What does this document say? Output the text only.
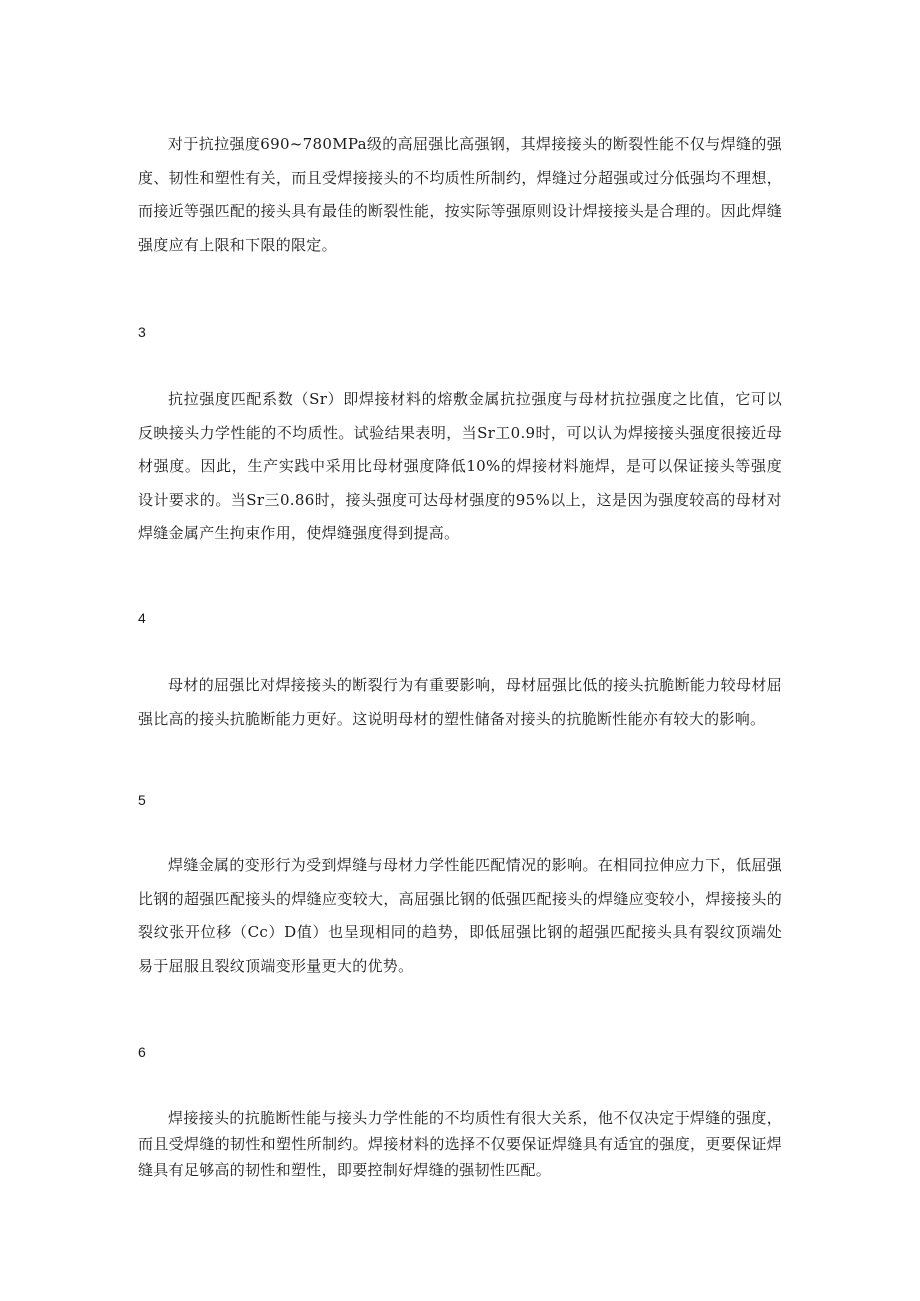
对于抗拉强度690~780MPa级的高屈强比高强钢，其焊接接头的断裂性能不仅与焊缝的强度、韧性和塑性有关，而且受焊接接头的不均质性所制约，焊缝过分超强或过分低强均不理想，而接近等强匹配的接头具有最佳的断裂性能，按实际等强原则设计焊接接头是合理的。因此焊缝强度应有上限和下限的限定。

3

抗拉强度匹配系数（Sr）即焊接材料的熔敷金属抗拉强度与母材抗拉强度之比值，它可以反映接头力学性能的不均质性。试验结果表明，当Sr工0.9时，可以认为焊接接头强度很接近母材强度。因此，生产实践中采用比母材强度降低10%的焊接材料施焊，是可以保证接头等强度设计要求的。当Sr三0.86时，接头强度可达母材强度的95%以上，这是因为强度较高的母材对焊缝金属产生拘束作用，使焊缝强度得到提高。

4

母材的屈强比对焊接接头的断裂行为有重要影响，母材屈强比低的接头抗脆断能力较母材屈强比高的接头抗脆断能力更好。这说明母材的塑性储备对接头的抗脆断性能亦有较大的影响。

5

焊缝金属的变形行为受到焊缝与母材力学性能匹配情况的影响。在相同拉伸应力下，低屈强比钢的超强匹配接头的焊缝应变较大，高屈强比钢的低强匹配接头的焊缝应变较小，焊接接头的裂纹张开位移（Cc）D值）也呈现相同的趋势，即低屈强比钢的超强匹配接头具有裂纹顶端处易于屈服且裂纹顶端变形量更大的优势。

6

焊接接头的抗脆断性能与接头力学性能的不均质性有很大关系，他不仅决定于焊缝的强度，而且受焊缝的韧性和塑性所制约。焊接材料的选择不仅要保证焊缝具有适宜的强度，更要保证焊缝具有足够高的韧性和塑性，即要控制好焊缝的强韧性匹配。
